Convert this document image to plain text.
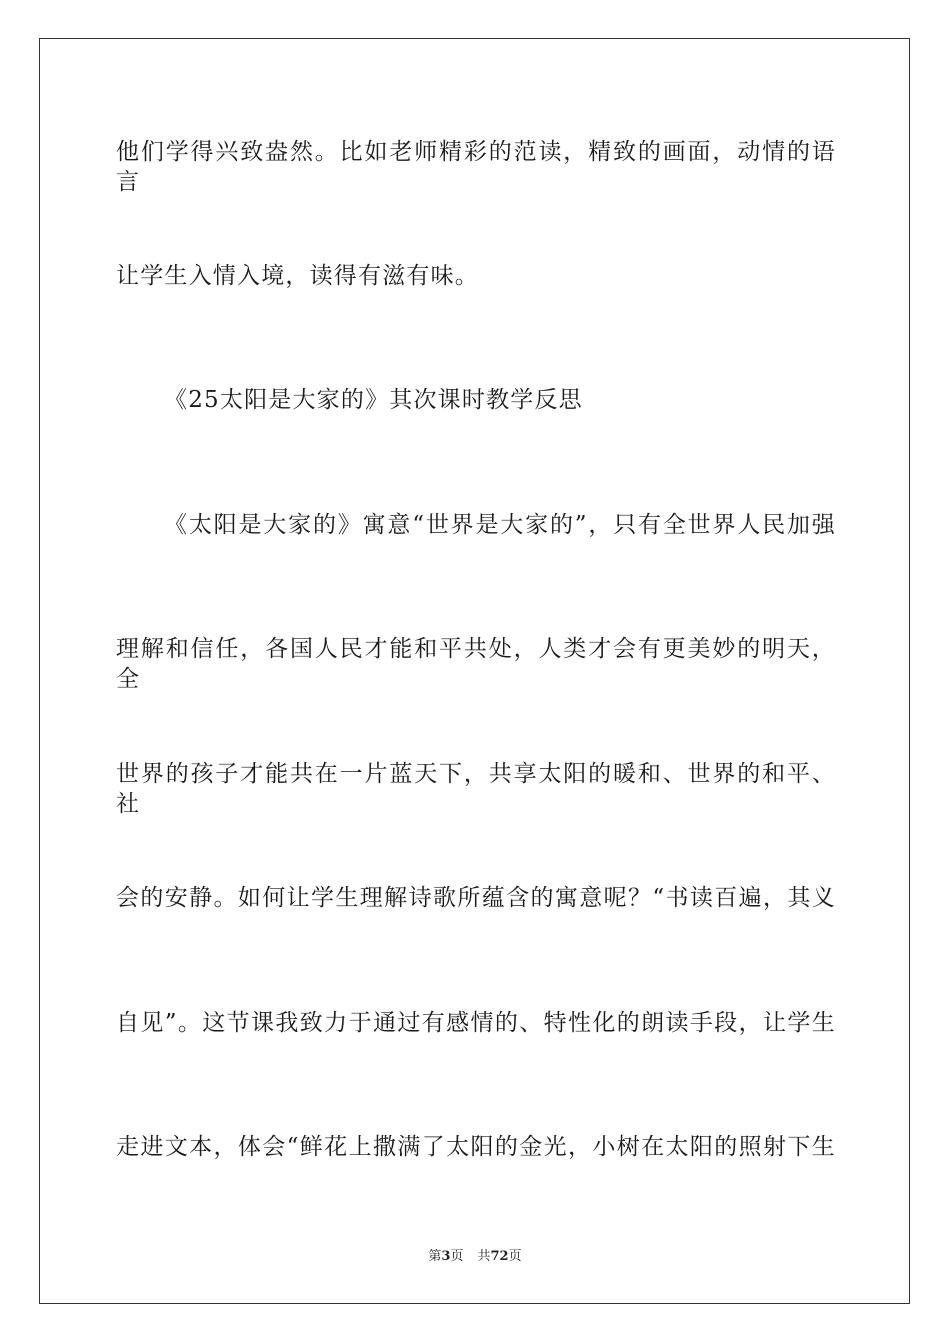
他们学得兴致盎然。比如老师精彩的范读，精致的画面，动情的语言
让学生入情入境，读得有滋有味。
《25太阳是大家的》其次课时教学反思
《太阳是大家的》寓意“世界是大家的”，只有全世界人民加强
理解和信任，各国人民才能和平共处，人类才会有更美妙的明天，全
世界的孩子才能共在一片蓝天下，共享太阳的暖和、世界的和平、社
会的安静。如何让学生理解诗歌所蕴含的寓意呢？“书读百遍，其义
自见”。这节课我致力于通过有感情的、特性化的朗读手段，让学生
走进文本，体会“鲜花上撒满了太阳的金光，小树在太阳的照射下生
第3页 共72页
